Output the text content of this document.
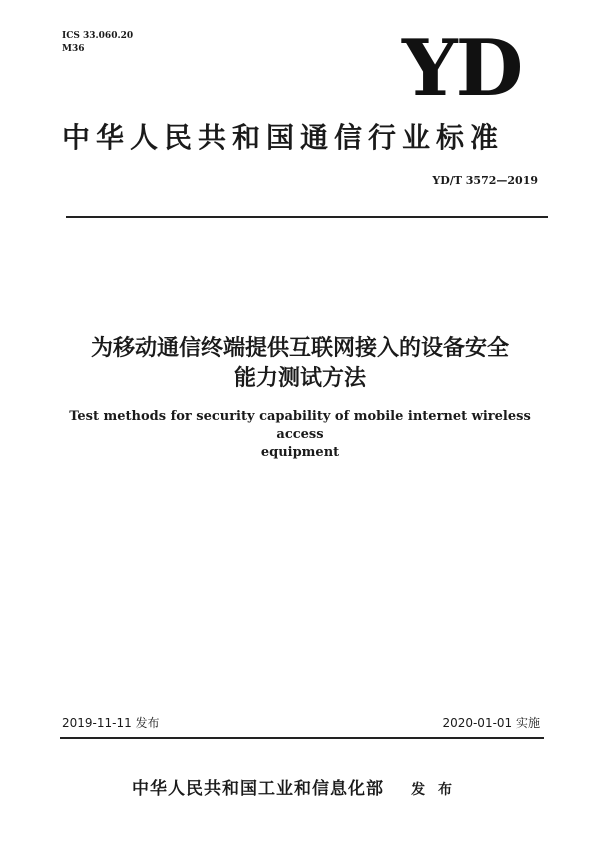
ICS 33.060.20
M36	YD
中华人民共和国通信行业标准
YD/T 3572—2019
为移动通信终端提供互联网接入的设备安全
能力测试方法
Test methods for security capability of mobile internet wireless access
equipment
2019-11-11 发布	2020-01-01 实施
中华人民共和国工业和信息化部 发 布
